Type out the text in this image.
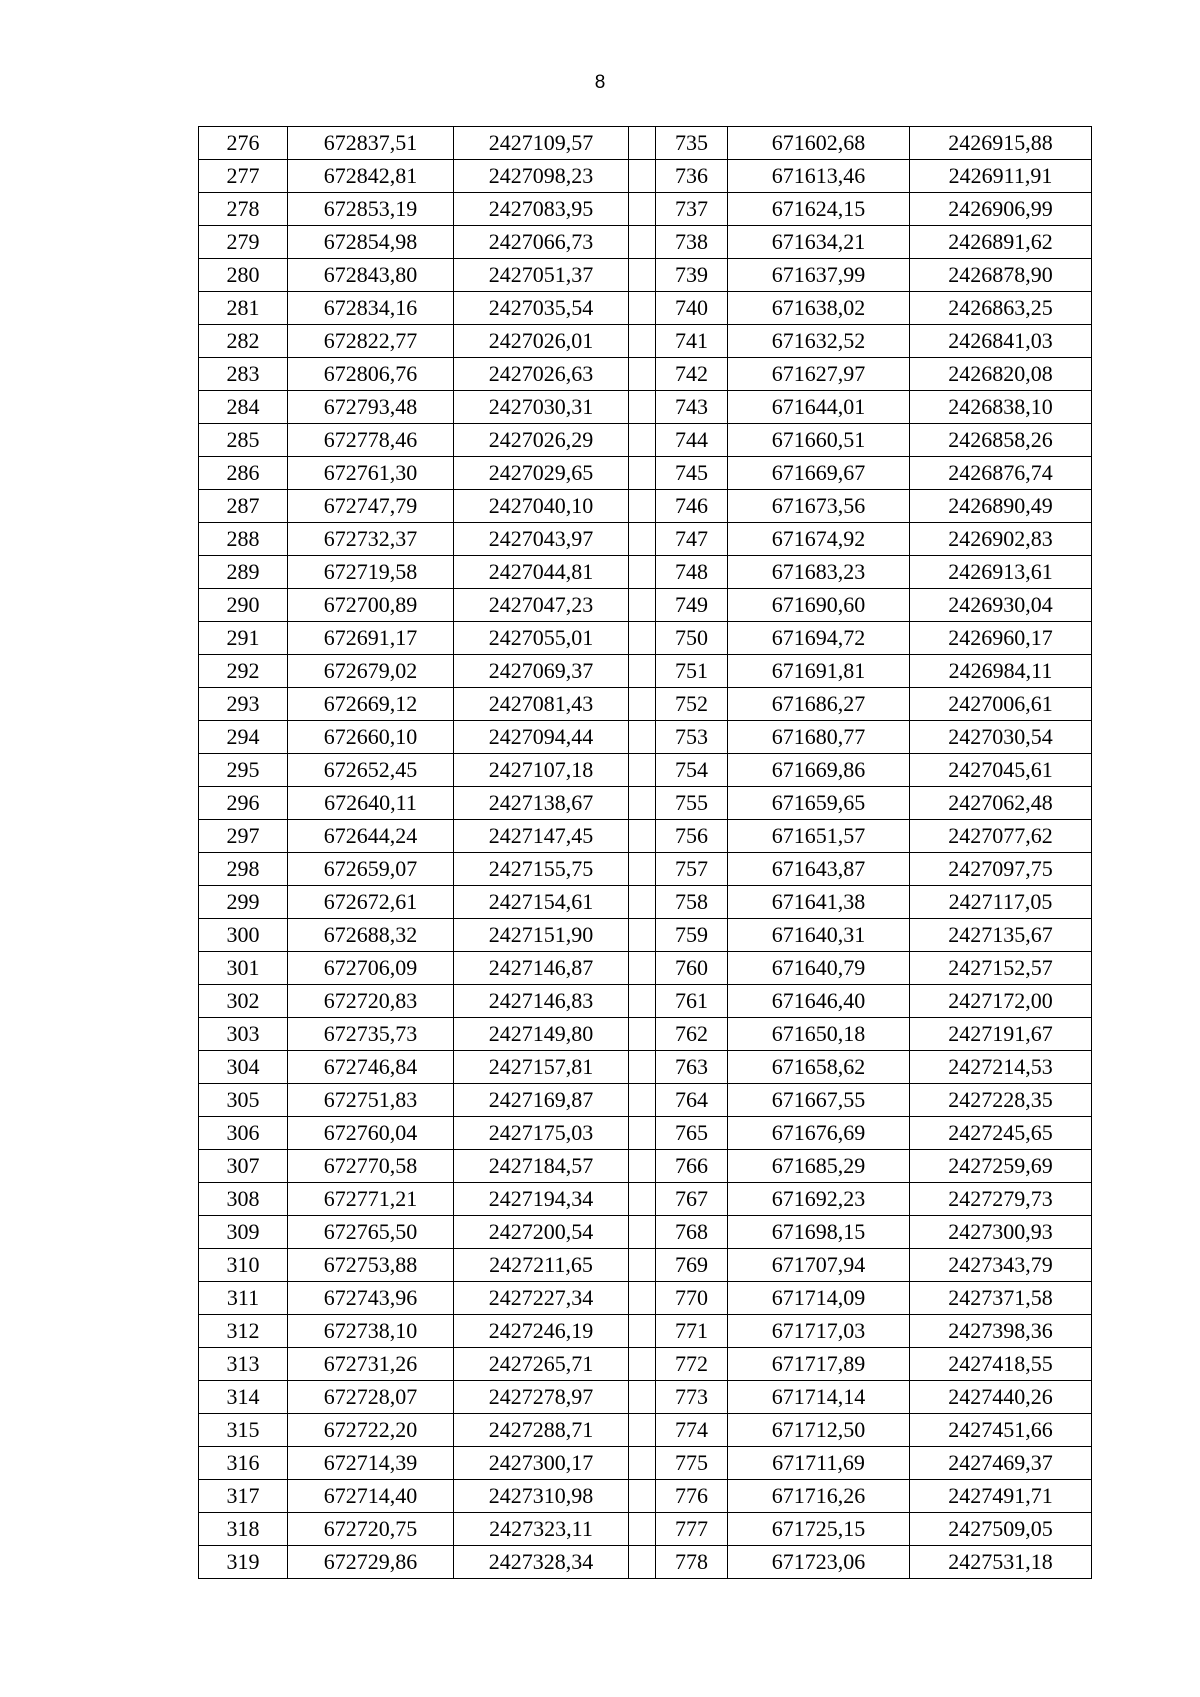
8
276	672837,51	2427109,57		735	671602,68	2426915,88
277	672842,81	2427098,23		736	671613,46	2426911,91
278	672853,19	2427083,95		737	671624,15	2426906,99
279	672854,98	2427066,73		738	671634,21	2426891,62
280	672843,80	2427051,37		739	671637,99	2426878,90
281	672834,16	2427035,54		740	671638,02	2426863,25
282	672822,77	2427026,01		741	671632,52	2426841,03
283	672806,76	2427026,63		742	671627,97	2426820,08
284	672793,48	2427030,31		743	671644,01	2426838,10
285	672778,46	2427026,29		744	671660,51	2426858,26
286	672761,30	2427029,65		745	671669,67	2426876,74
287	672747,79	2427040,10		746	671673,56	2426890,49
288	672732,37	2427043,97		747	671674,92	2426902,83
289	672719,58	2427044,81		748	671683,23	2426913,61
290	672700,89	2427047,23		749	671690,60	2426930,04
291	672691,17	2427055,01		750	671694,72	2426960,17
292	672679,02	2427069,37		751	671691,81	2426984,11
293	672669,12	2427081,43		752	671686,27	2427006,61
294	672660,10	2427094,44		753	671680,77	2427030,54
295	672652,45	2427107,18		754	671669,86	2427045,61
296	672640,11	2427138,67		755	671659,65	2427062,48
297	672644,24	2427147,45		756	671651,57	2427077,62
298	672659,07	2427155,75		757	671643,87	2427097,75
299	672672,61	2427154,61		758	671641,38	2427117,05
300	672688,32	2427151,90		759	671640,31	2427135,67
301	672706,09	2427146,87		760	671640,79	2427152,57
302	672720,83	2427146,83		761	671646,40	2427172,00
303	672735,73	2427149,80		762	671650,18	2427191,67
304	672746,84	2427157,81		763	671658,62	2427214,53
305	672751,83	2427169,87		764	671667,55	2427228,35
306	672760,04	2427175,03		765	671676,69	2427245,65
307	672770,58	2427184,57		766	671685,29	2427259,69
308	672771,21	2427194,34		767	671692,23	2427279,73
309	672765,50	2427200,54		768	671698,15	2427300,93
310	672753,88	2427211,65		769	671707,94	2427343,79
311	672743,96	2427227,34		770	671714,09	2427371,58
312	672738,10	2427246,19		771	671717,03	2427398,36
313	672731,26	2427265,71		772	671717,89	2427418,55
314	672728,07	2427278,97		773	671714,14	2427440,26
315	672722,20	2427288,71		774	671712,50	2427451,66
316	672714,39	2427300,17		775	671711,69	2427469,37
317	672714,40	2427310,98		776	671716,26	2427491,71
318	672720,75	2427323,11		777	671725,15	2427509,05
319	672729,86	2427328,34		778	671723,06	2427531,18
